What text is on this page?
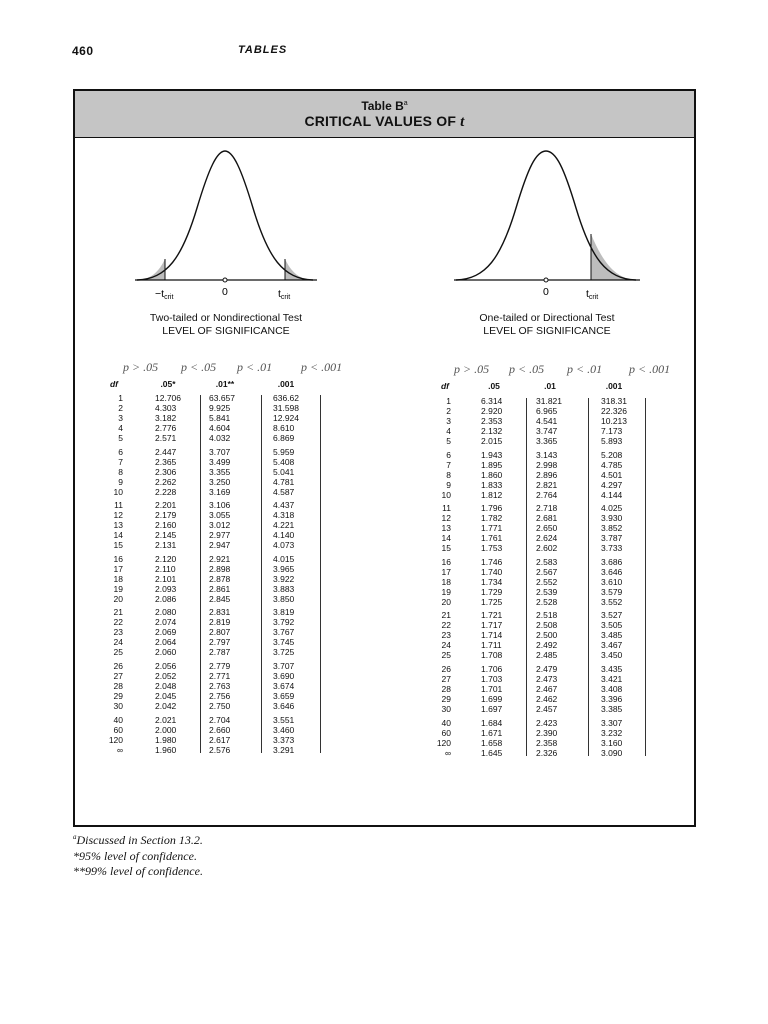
460	TABLES
Table $B^a$
CRITICAL VALUES OF t
−tcrit	0	tcrit
Two-tailed or Nondirectional Test
LEVEL OF SIGNIFICANCE
0	tcrit
One-tailed or Directional Test
LEVEL OF SIGNIFICANCE
p > .05 p < .05 p < .01 p < .001	p > .05 p < .05 p < .01 p < .001
df	.05*	.01**	.001	df	.05	.01	.001
1	12.706	63.657	636.62
2	4.303	9.925	31.598
3	3.182	5.841	12.924
4	2.776	4.604	8.610
5	2.571	4.032	6.869
6	2.447	3.707	5.959
7	2.365	3.499	5.408
8	2.306	3.355	5.041
9	2.262	3.250	4.781
10	2.228	3.169	4.587
11	2.201	3.106	4.437
12	2.179	3.055	4.318
13	2.160	3.012	4.221
14	2.145	2.977	4.140
15	2.131	2.947	4.073
16	2.120	2.921	4.015
17	2.110	2.898	3.965
18	2.101	2.878	3.922
19	2.093	2.861	3.883
20	2.086	2.845	3.850
21	2.080	2.831	3.819
22	2.074	2.819	3.792
23	2.069	2.807	3.767
24	2.064	2.797	3.745
25	2.060	2.787	3.725
26	2.056	2.779	3.707
27	2.052	2.771	3.690
28	2.048	2.763	3.674
29	2.045	2.756	3.659
30	2.042	2.750	3.646
40	2.021	2.704	3.551
60	2.000	2.660	3.460
120	1.980	2.617	3.373
∞	1.960	2.576	3.291
1	6.314	31.821	318.31
2	2.920	6.965	22.326
3	2.353	4.541	10.213
4	2.132	3.747	7.173
5	2.015	3.365	5.893
6	1.943	3.143	5.208
7	1.895	2.998	4.785
8	1.860	2.896	4.501
9	1.833	2.821	4.297
10	1.812	2.764	4.144
11	1.796	2.718	4.025
12	1.782	2.681	3.930
13	1.771	2.650	3.852
14	1.761	2.624	3.787
15	1.753	2.602	3.733
16	1.746	2.583	3.686
17	1.740	2.567	3.646
18	1.734	2.552	3.610
19	1.729	2.539	3.579
20	1.725	2.528	3.552
21	1.721	2.518	3.527
22	1.717	2.508	3.505
23	1.714	2.500	3.485
24	1.711	2.492	3.467
25	1.708	2.485	3.450
26	1.706	2.479	3.435
27	1.703	2.473	3.421
28	1.701	2.467	3.408
29	1.699	2.462	3.396
30	1.697	2.457	3.385
40	1.684	2.423	3.307
60	1.671	2.390	3.232
120	1.658	2.358	3.160
∞	1.645	2.326	3.090
$^a$Discussed in Section 13.2.
*95% level of confidence.
**99% level of confidence.
